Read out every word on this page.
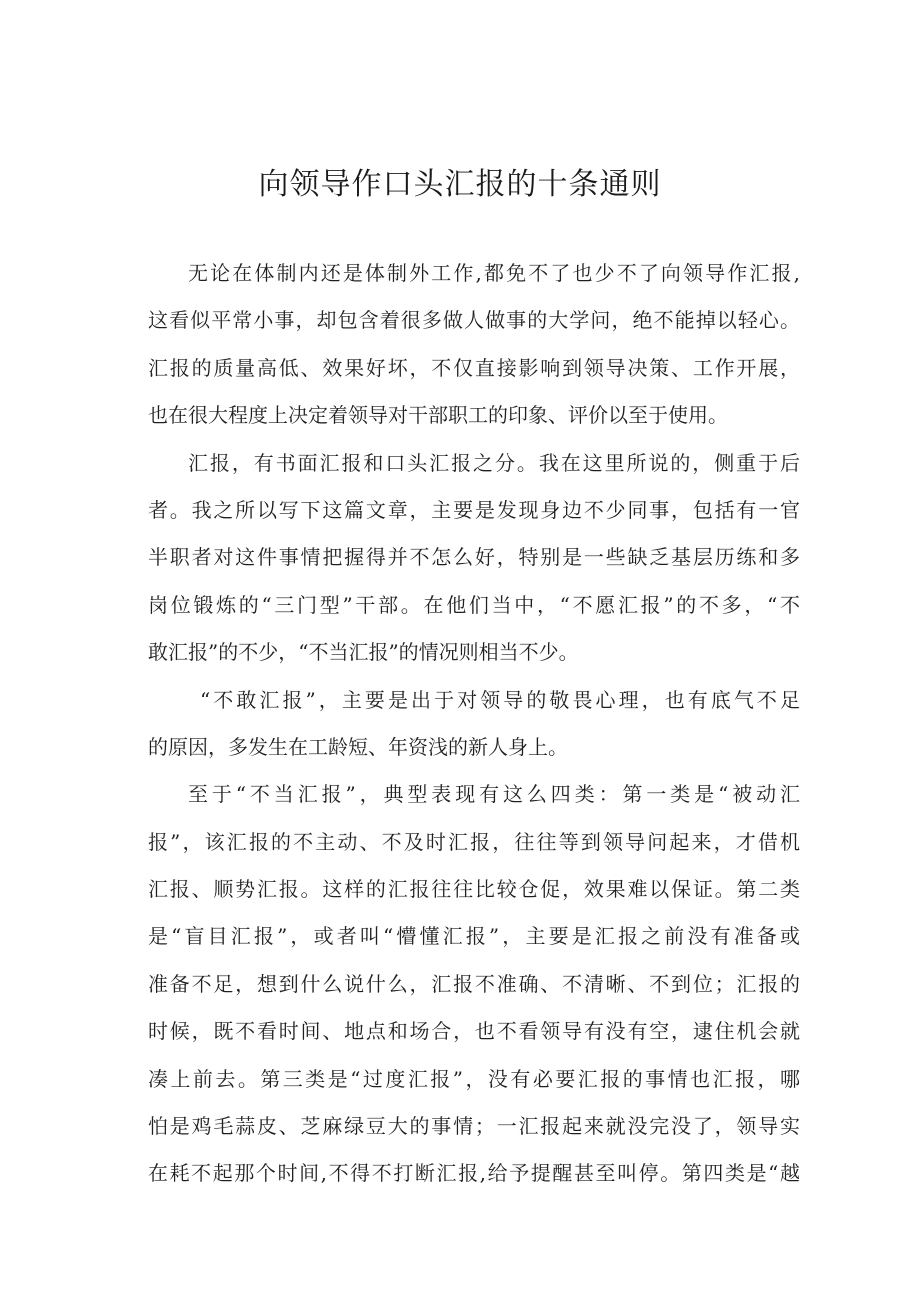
向领导作口头汇报的十条通则
无论在体制内还是体制外工作,都免不了也少不了向领导作汇报,
这看似平常小事，却包含着很多做人做事的大学问，绝不能掉以轻心。
汇报的质量高低、效果好坏，不仅直接影响到领导决策、工作开展，
也在很大程度上决定着领导对干部职工的印象、评价以至于使用。
汇报，有书面汇报和口头汇报之分。我在这里所说的，侧重于后
者。我之所以写下这篇文章，主要是发现身边不少同事，包括有一官
半职者对这件事情把握得并不怎么好，特别是一些缺乏基层历练和多
岗位锻炼的“三门型”干部。在他们当中，“不愿汇报”的不多，“不
敢汇报”的不少，“不当汇报”的情况则相当不少。
“不敢汇报”，主要是出于对领导的敬畏心理，也有底气不足
的原因，多发生在工龄短、年资浅的新人身上。
至于“不当汇报”，典型表现有这么四类：第一类是“被动汇
报”，该汇报的不主动、不及时汇报，往往等到领导问起来，才借机
汇报、顺势汇报。这样的汇报往往比较仓促，效果难以保证。第二类
是“盲目汇报”，或者叫“懵懂汇报”，主要是汇报之前没有准备或
准备不足，想到什么说什么，汇报不准确、不清晰、不到位；汇报的
时候，既不看时间、地点和场合，也不看领导有没有空，逮住机会就
凑上前去。第三类是“过度汇报”，没有必要汇报的事情也汇报，哪
怕是鸡毛蒜皮、芝麻绿豆大的事情；一汇报起来就没完没了，领导实
在耗不起那个时间,不得不打断汇报,给予提醒甚至叫停。第四类是“越
